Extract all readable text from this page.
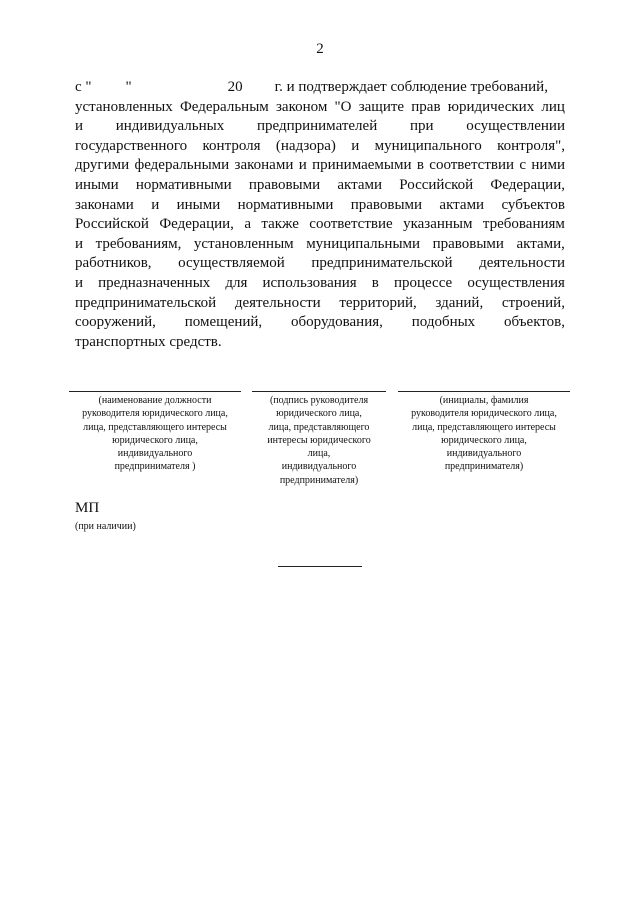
2
с " "	20 г. и подтверждает соблюдение требований,
установленных Федеральным законом "О защите прав юридических лиц
и индивидуальных предпринимателей при осуществлении
государственного контроля (надзора) и муниципального контроля",
другими федеральными законами и принимаемыми в соответствии с ними
иными нормативными правовыми актами Российской Федерации,
законами и иными нормативными правовыми актами субъектов
Российской Федерации, а также соответствие указанным требованиям
и требованиям, установленным муниципальными правовыми актами,
работников, осуществляемой предпринимательской деятельности
и предназначенных для использования в процессе осуществления
предпринимательской деятельности территорий, зданий, строений,
сооружений, помещений, оборудования, подобных объектов,
транспортных средств.
(наименование должности
руководителя юридического лица,
лица, представляющего интересы
юридического лица,
индивидуального
предпринимателя )
(подпись руководителя
юридического лица,
лица, представляющего
интересы юридического
лица,
индивидуального
предпринимателя)
(инициалы, фамилия
руководителя юридического лица,
лица, представляющего интересы
юридического лица,
индивидуального
предпринимателя)
МП
(при наличии)
